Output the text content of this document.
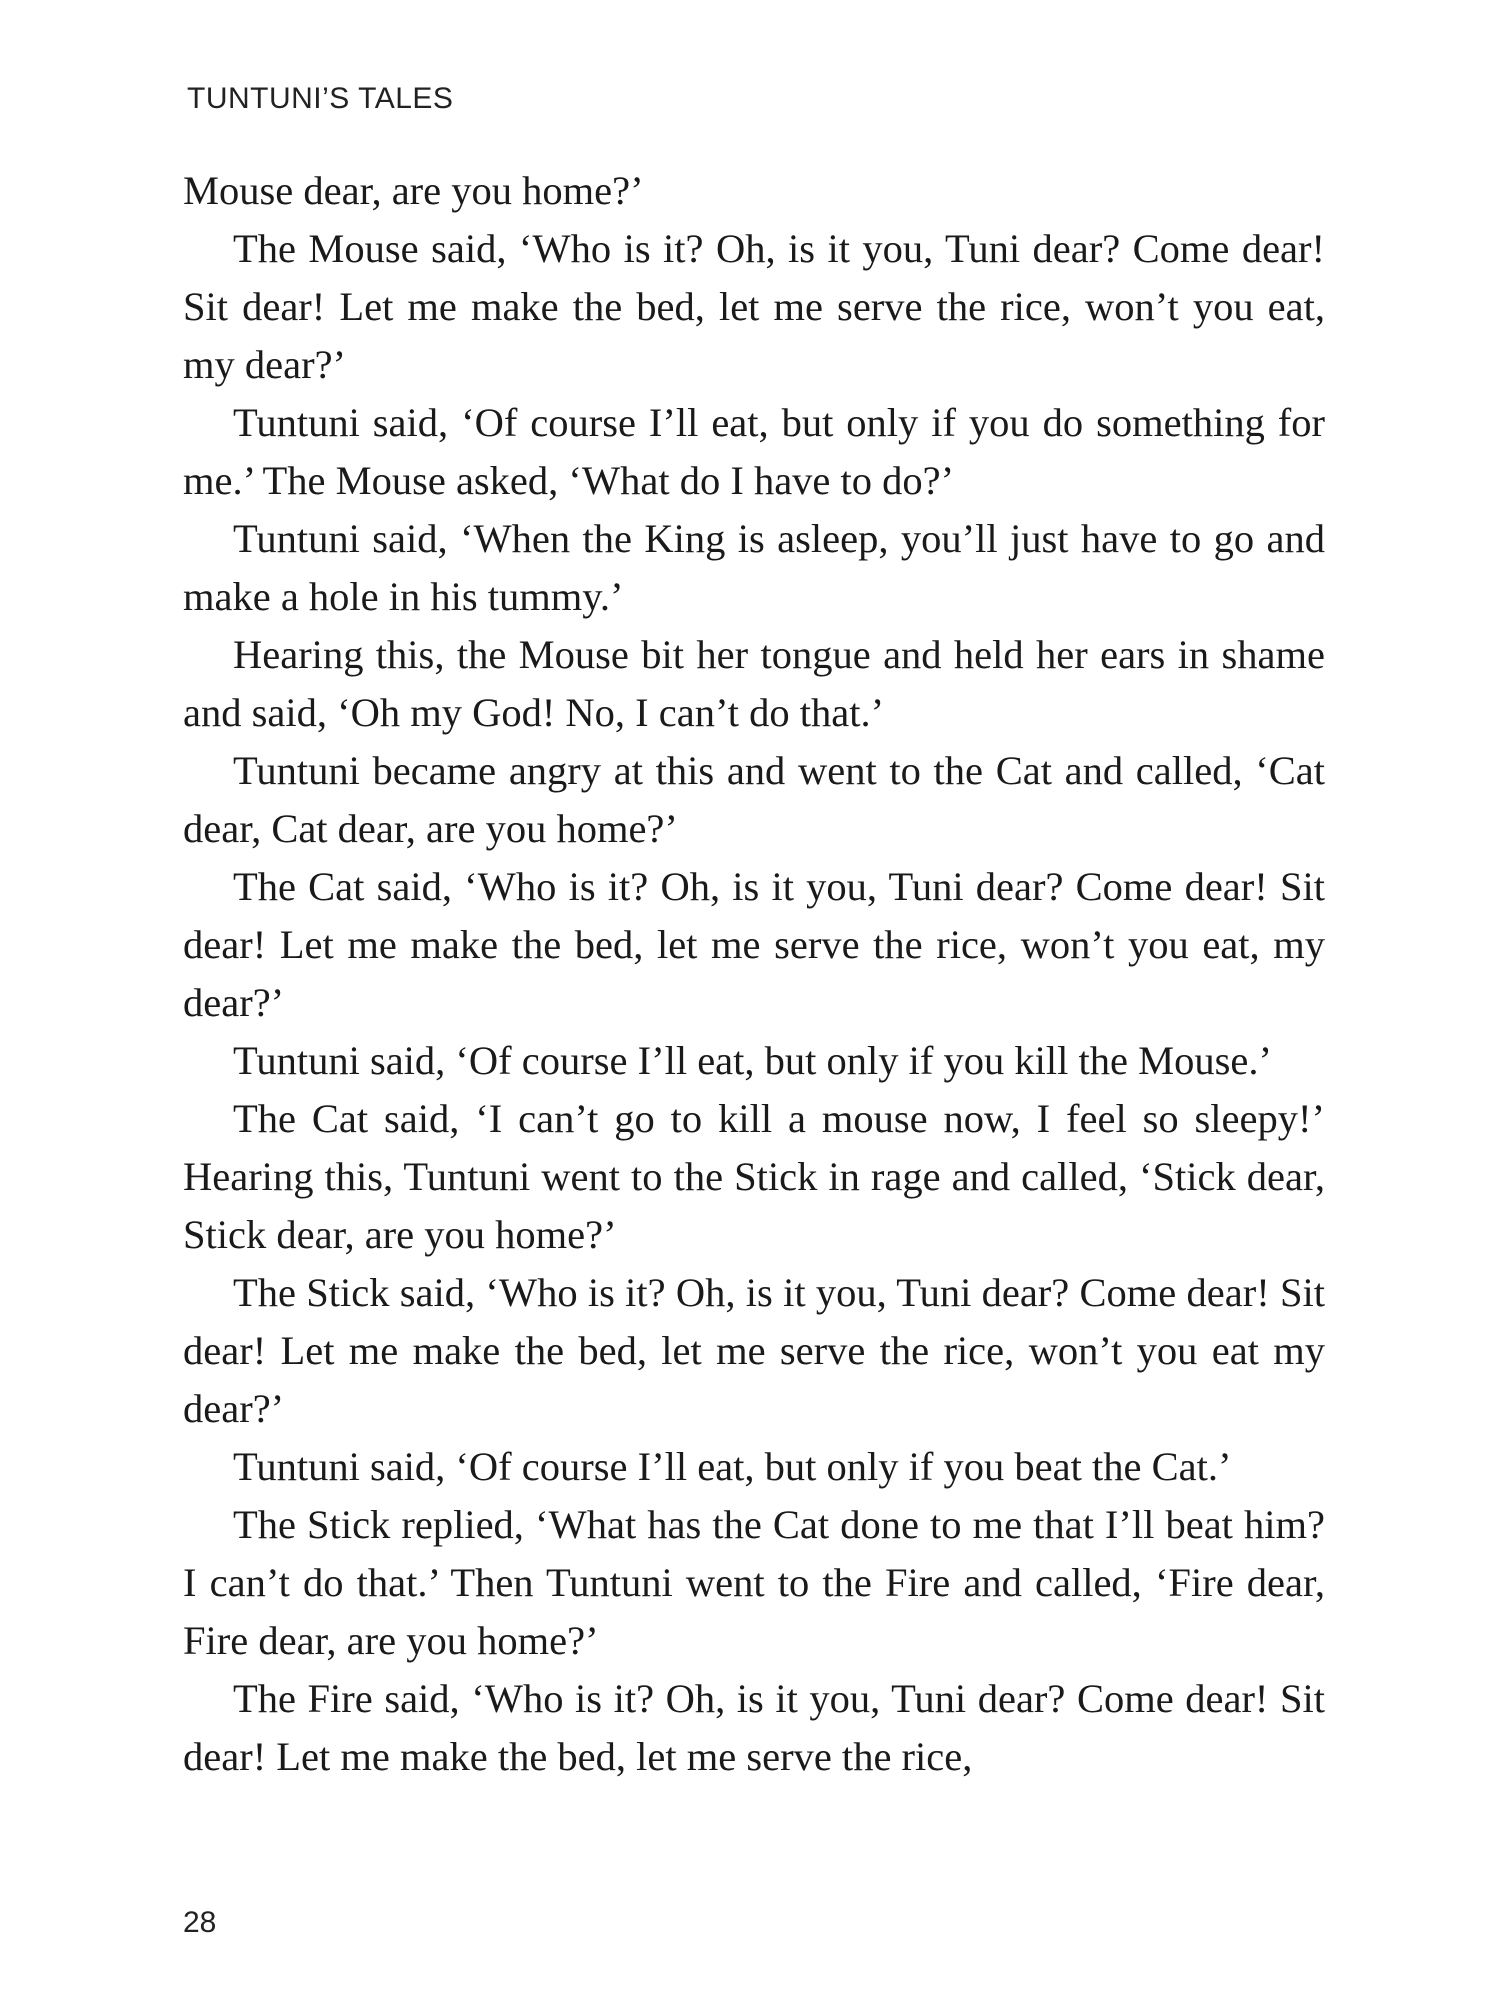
TUNTUNI’S TALES

Mouse dear, are you home?’

The Mouse said, ‘Who is it? Oh, is it you, Tuni dear? Come dear! Sit dear! Let me make the bed, let me serve the rice, won’t you eat, my dear?’

Tuntuni said, ‘Of course I’ll eat, but only if you do something for me.’ The Mouse asked, ‘What do I have to do?’

Tuntuni said, ‘When the King is asleep, you’ll just have to go and make a hole in his tummy.’

Hearing this, the Mouse bit her tongue and held her ears in shame and said, ‘Oh my God! No, I can’t do that.’

Tuntuni became angry at this and went to the Cat and called, ‘Cat dear, Cat dear, are you home?’

The Cat said, ‘Who is it? Oh, is it you, Tuni dear? Come dear! Sit dear! Let me make the bed, let me serve the rice, won’t you eat, my dear?’

Tuntuni said, ‘Of course I’ll eat, but only if you kill the Mouse.’

The Cat said, ‘I can’t go to kill a mouse now, I feel so sleepy!’ Hearing this, Tuntuni went to the Stick in rage and called, ‘Stick dear, Stick dear, are you home?’

The Stick said, ‘Who is it? Oh, is it you, Tuni dear? Come dear! Sit dear! Let me make the bed, let me serve the rice, won’t you eat my dear?’

Tuntuni said, ‘Of course I’ll eat, but only if you beat the Cat.’

The Stick replied, ‘What has the Cat done to me that I’ll beat him? I can’t do that.’ Then Tuntuni went to the Fire and called, ‘Fire dear, Fire dear, are you home?’

The Fire said, ‘Who is it? Oh, is it you, Tuni dear? Come dear! Sit dear! Let me make the bed, let me serve the rice,

28
